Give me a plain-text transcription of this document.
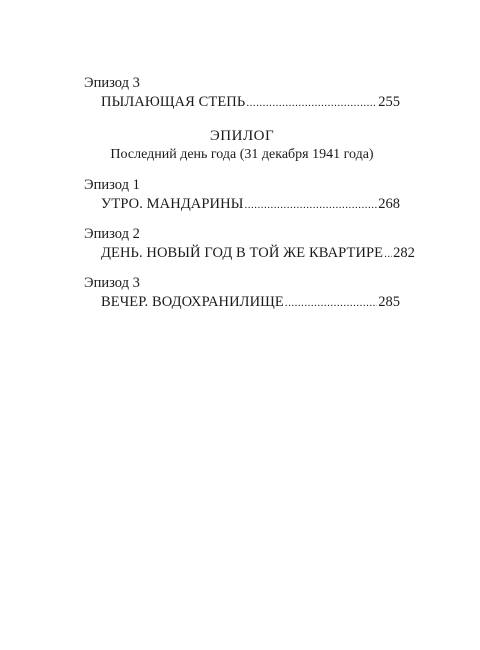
Эпизод 3

ПЫЛАЮЩАЯ СТЕПЬ .....	255
ЭПИЛОГ
Последний день года (31 декабря 1941 года)

Эпизод 1

УТРО. МАНДАРИНЫ .....	268

Эпизод 2

ДЕНЬ. НОВЫЙ ГОД В ТОЙ ЖЕ КВАРТИРЕ ..... 282

Эпизод 3

ВЕЧЕР. ВОДОХРАНИЛИЩЕ .....	285
